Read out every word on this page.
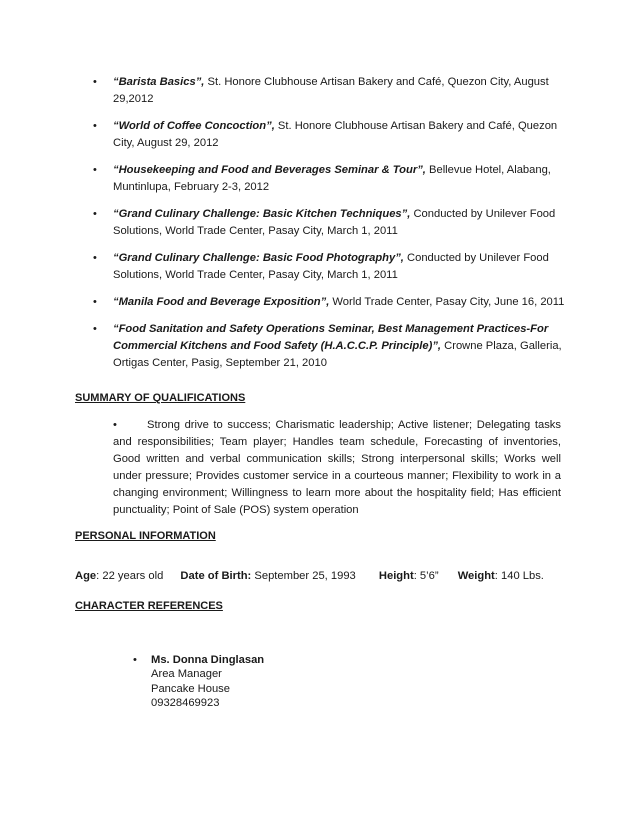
• “Barista Basics”, St. Honore Clubhouse Artisan Bakery and Café, Quezon City, August 29,2012
• “World of Coffee Concoction”, St. Honore Clubhouse Artisan Bakery and Café, Quezon City, August 29, 2012
• “Housekeeping and Food and Beverages Seminar & Tour”, Bellevue Hotel, Alabang, Muntinlupa, February 2-3, 2012
• “Grand Culinary Challenge: Basic Kitchen Techniques”, Conducted by Unilever Food Solutions, World Trade Center, Pasay City, March 1, 2011
• “Grand Culinary Challenge: Basic Food Photography”, Conducted by Unilever Food Solutions, World Trade Center, Pasay City, March 1, 2011
• “Manila Food and Beverage Exposition”, World Trade Center, Pasay City, June 16, 2011
• “Food Sanitation and Safety Operations Seminar, Best Management Practices-For Commercial Kitchens and Food Safety (H.A.C.C.P. Principle)”, Crowne Plaza, Galleria, Ortigas Center, Pasig, September 21, 2010
SUMMARY OF QUALIFICATIONS
•	Strong drive to success; Charismatic leadership; Active listener; Delegating tasks and responsibilities; Team player; Handles team schedule, Forecasting of inventories, Good written and verbal communication skills; Strong interpersonal skills; Works well under pressure; Provides customer service in a courteous manner; Flexibility to work in a changing environment; Willingness to learn more about the hospitality field; Has efficient punctuality; Point of Sale (POS) system operation
PERSONAL INFORMATION
Age: 22 years old Date of Birth: September 25, 1993 Height: 5’6” Weight: 140 Lbs.
CHARACTER REFERENCES
• Ms. Donna Dinglasan
Area Manager
Pancake House
09328469923
